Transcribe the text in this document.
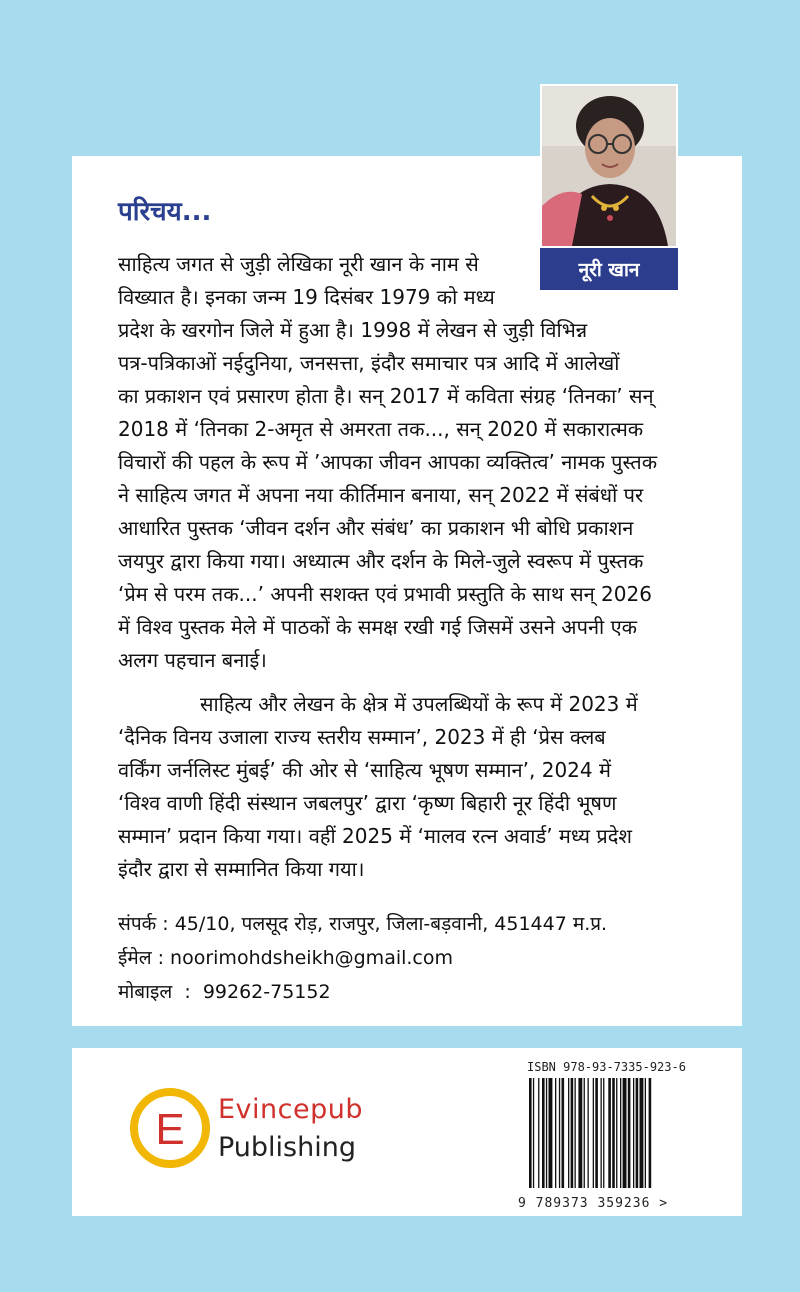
परिचय...
नूरी खान
साहित्य जगत से जुड़ी लेखिका नूरी खान के नाम से
विख्यात है। इनका जन्म 19 दिसंबर 1979 को मध्य
प्रदेश के खरगोन जिले में हुआ है। 1998 में लेखन से जुड़ी विभिन्न
पत्र-पत्रिकाओं नईदुनिया, जनसत्ता, इंदौर समाचार पत्र आदि में आलेखों
का प्रकाशन एवं प्रसारण होता है। सन् 2017 में कविता संग्रह ‘तिनका’ सन्
2018 में ‘तिनका 2-अमृत से अमरता तक..., सन् 2020 में सकारात्मक
विचारों की पहल के रूप में ’आपका जीवन आपका व्यक्तित्व’ नामक पुस्तक
ने साहित्य जगत में अपना नया कीर्तिमान बनाया, सन् 2022 में संबंधों पर
आधारित पुस्तक ‘जीवन दर्शन और संबंध’ का प्रकाशन भी बोधि प्रकाशन
जयपुर द्वारा किया गया। अध्यात्म और दर्शन के मिले-जुले स्वरूप में पुस्तक
‘प्रेम से परम तक...’ अपनी सशक्त एवं प्रभावी प्रस्तुति के साथ सन् 2026
में विश्व पुस्तक मेले में पाठकों के समक्ष रखी गई जिसमें उसने अपनी एक
अलग पहचान बनाई।
साहित्य और लेखन के क्षेत्र में उपलब्धियों के रूप में 2023 में
‘दैनिक विनय उजाला राज्य स्तरीय सम्मान’, 2023 में ही ‘प्रेस क्लब
वर्किंग जर्नलिस्ट मुंबई’ की ओर से ‘साहित्य भूषण सम्मान’, 2024 में
‘विश्व वाणी हिंदी संस्थान जबलपुर’ द्वारा ‘कृष्ण बिहारी नूर हिंदी भूषण
सम्मान’ प्रदान किया गया। वहीं 2025 में ‘मालव रत्न अवार्ड’ मध्य प्रदेश
इंदौर द्वारा से सम्मानित किया गया।
संपर्क : 45/10, पलसूद रोड़, राजपुर, जिला-बड़वानी, 451447 म.प्र.
ईमेल : noorimohdsheikh@gmail.com
मोबाइल  :  99262-75152
E Evincepub
Publishing
ISBN 978-93-7335-923-6
9 789373 359236 >
